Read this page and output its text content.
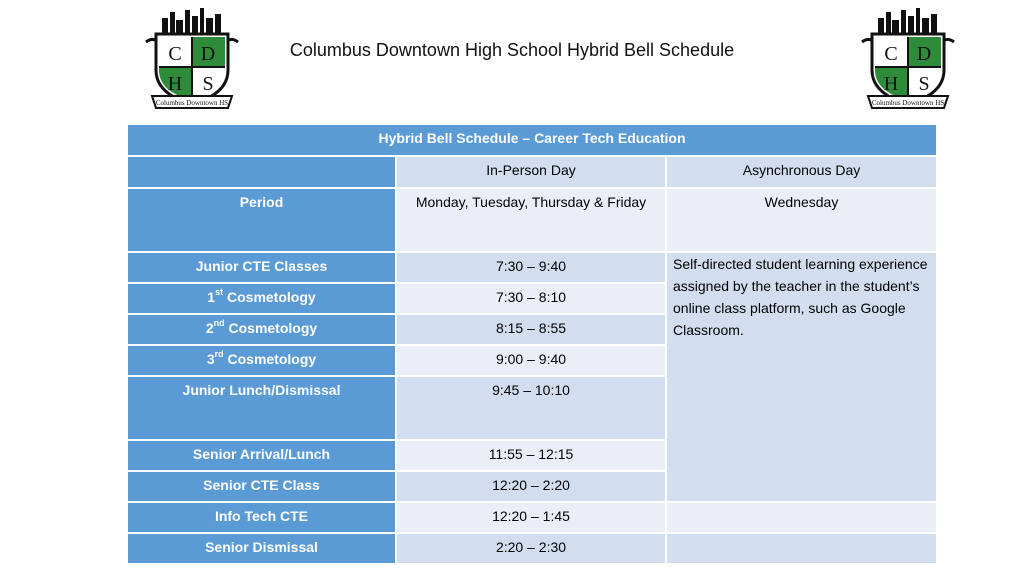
C D
H S
Columbus Downtown HS
C D
H S
Columbus Downtown HS
Columbus Downtown High School Hybrid Bell Schedule
Hybrid Bell Schedule – Career Tech Education		
	In-Person Day	Asynchronous Day
Period	Monday, Tuesday, Thursday & Friday	Wednesday
Junior CTE Classes	7:30 – 9:40	Self-directed student learning experience assigned by the teacher in the student’s online class platform, such as Google Classroom.

1st Cosmetology	7:30 – 8:10	
2nd Cosmetology	8:15 – 8:55	
3rd Cosmetology	9:00 – 9:40	
Junior Lunch/Dismissal	9:45 – 10:10	
Senior Arrival/Lunch	11:55 – 12:15	
Senior CTE Class	12:20 – 2:20	
Info Tech CTE	12:20 – 1:45	
Senior Dismissal	2:20 – 2:30	
